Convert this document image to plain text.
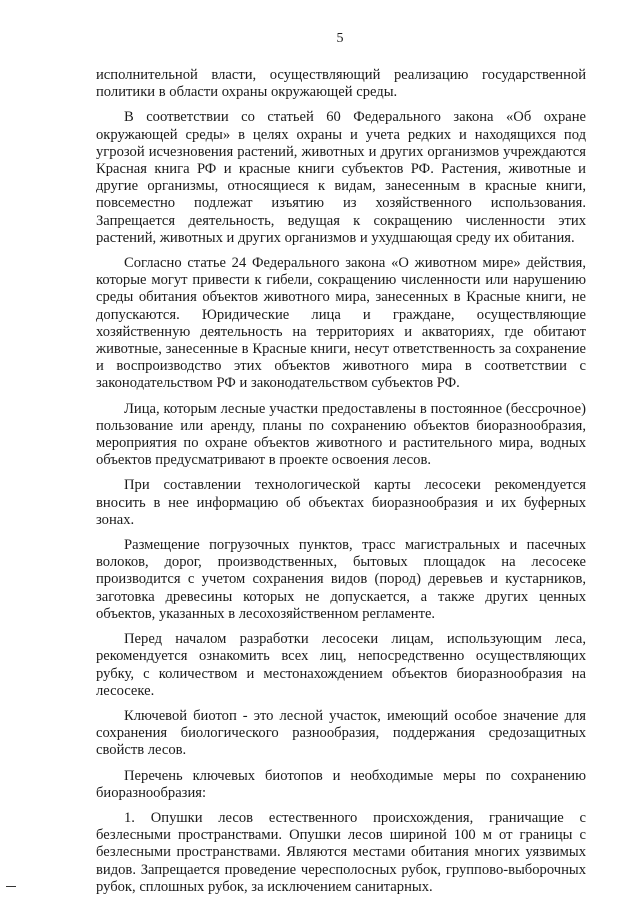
5

исполнительной власти, осуществляющий реализацию государственной политики в области охраны окружающей среды.

В соответствии со статьей 60 Федерального закона «Об охране окружающей среды» в целях охраны и учета редких и находящихся под угрозой исчезновения растений, животных и других организмов учреждаются Красная книга РФ и красные книги субъектов РФ. Растения, животные и другие организмы, относящиеся к видам, занесенным в красные книги, повсеместно подлежат изъятию из хозяйственного использования. Запрещается деятельность, ведущая к сокращению численности этих растений, животных и других организмов и ухудшающая среду их обитания.

Согласно статье 24 Федерального закона «О животном мире» действия, которые могут привести к гибели, сокращению численности или нарушению среды обитания объектов животного мира, занесенных в Красные книги, не допускаются. Юридические лица и граждане, осуществляющие хозяйственную деятельность на территориях и акваториях, где обитают животные, занесенные в Красные книги, несут ответственность за сохранение и воспроизводство этих объектов животного мира в соответствии с законодательством РФ и законодательством субъектов РФ.

Лица, которым лесные участки предоставлены в постоянное (бессрочное) пользование или аренду, планы по сохранению объектов биоразнообразия, мероприятия по охране объектов животного и растительного мира, водных объектов предусматривают в проекте освоения лесов.

При составлении технологической карты лесосеки рекомендуется вносить в нее информацию об объектах биоразнообразия и их буферных зонах.

Размещение погрузочных пунктов, трасс магистральных и пасечных волоков, дорог, производственных, бытовых площадок на лесосеке производится с учетом сохранения видов (пород) деревьев и кустарников, заготовка древесины которых не допускается, а также других ценных объектов, указанных в лесохозяйственном регламенте.

Перед началом разработки лесосеки лицам, использующим леса, рекомендуется ознакомить всех лиц, непосредственно осуществляющих рубку, с количеством и местонахождением объектов биоразнообразия на лесосеке.

Ключевой биотоп - это лесной участок, имеющий особое значение для сохранения биологического разнообразия, поддержания средозащитных свойств лесов.

Перечень ключевых биотопов и необходимые меры по сохранению биоразнообразия:

1. Опушки лесов естественного происхождения, граничащие с безлесными пространствами. Опушки лесов шириной 100 м от границы с безлесными пространствами. Являются местами обитания многих уязвимых видов. Запрещается проведение чересполосных рубок, группово-выборочных рубок, сплошных рубок, за исключением санитарных.
